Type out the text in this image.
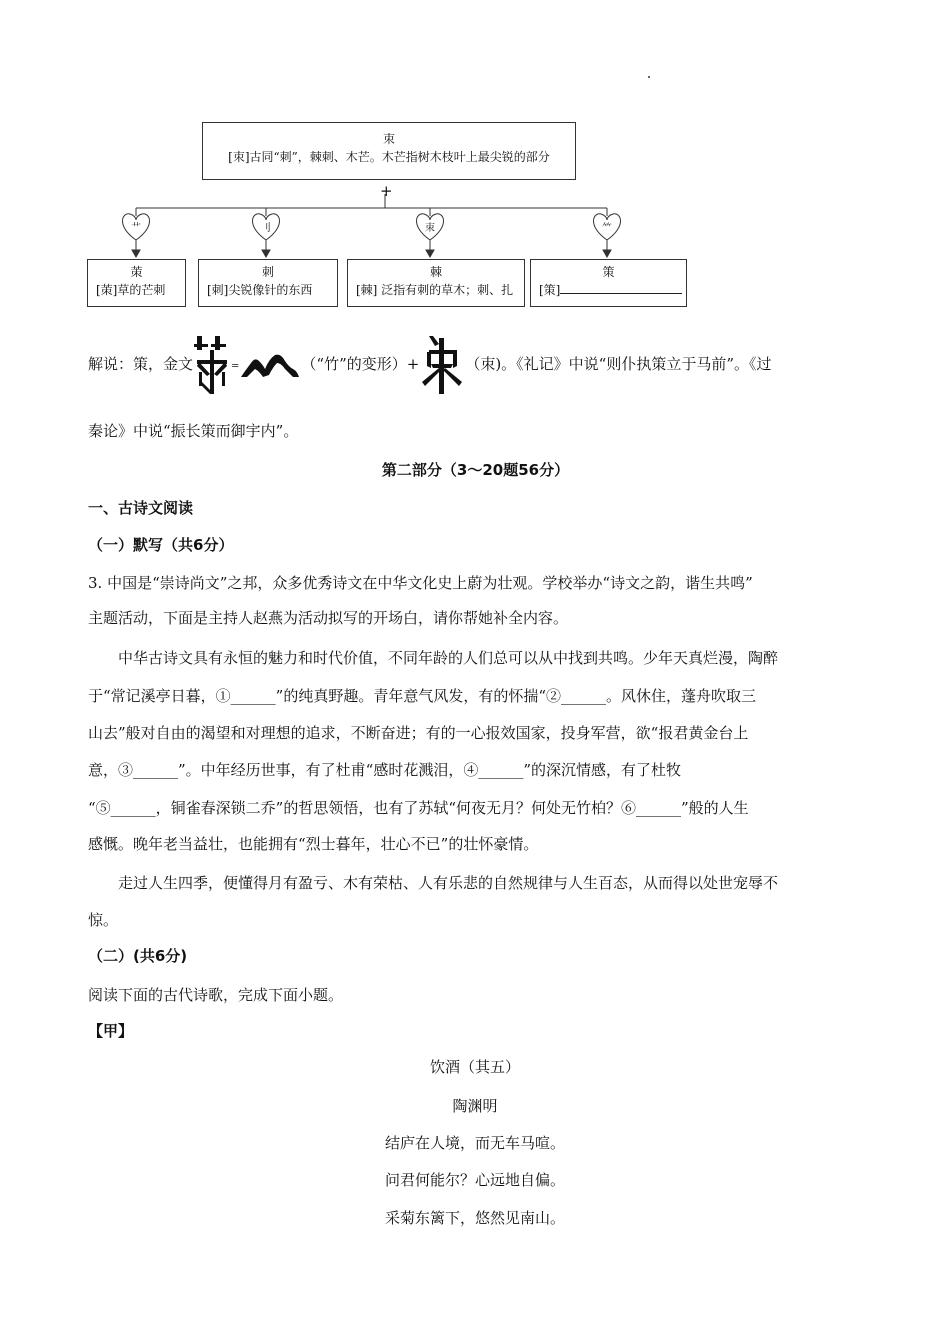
朿
[朿]古同“刺”，棘刺、木芒。木芒指树木枝叶上最尖锐的部分
+
艹	刂	朿	⺮
茦
[茦]草的芒刺
刺
[刺]尖锐像针的东西
棘
[棘] 泛指有刺的草木；刺、扎
策
[策]
解说：策，金文	=	（“竹”的变形）+	（朿)。《礼记》中说“则仆执策立于马前”。《过

秦论》中说“振长策而御宇内”。

第二部分（3～20题56分）

一、古诗文阅读

（一）默写（共6分）

3. 中国是“崇诗尚文”之邦，众多优秀诗文在中华文化史上蔚为壮观。学校举办“诗文之韵，谐生共鸣”

主题活动，下面是主持人赵燕为活动拟写的开场白，请你帮她补全内容。

中华古诗文具有永恒的魅力和时代价值，不同年龄的人们总可以从中找到共鸣。少年天真烂漫，陶醉

于“常记溪亭日暮，①______”的纯真野趣。青年意气风发，有的怀揣“②______。风休住，蓬舟吹取三

山去”般对自由的渴望和对理想的追求，不断奋进；有的一心报效国家，投身军营，欲“报君黄金台上

意，③______”。中年经历世事，有了杜甫“感时花溅泪，④______”的深沉情感，有了杜牧

“⑤______，铜雀春深锁二乔”的哲思领悟，也有了苏轼“何夜无月？何处无竹柏？⑥______”般的人生

感慨。晚年老当益壮，也能拥有“烈士暮年，壮心不已”的壮怀豪情。

走过人生四季，便懂得月有盈亏、木有荣枯、人有乐悲的自然规律与人生百态，从而得以处世宠辱不

惊。

（二）(共6分)

阅读下面的古代诗歌，完成下面小题。

【甲】

饮酒（其五）

陶渊明

结庐在人境，而无车马喧。

问君何能尔？心远地自偏。

采菊东篱下，悠然见南山。
